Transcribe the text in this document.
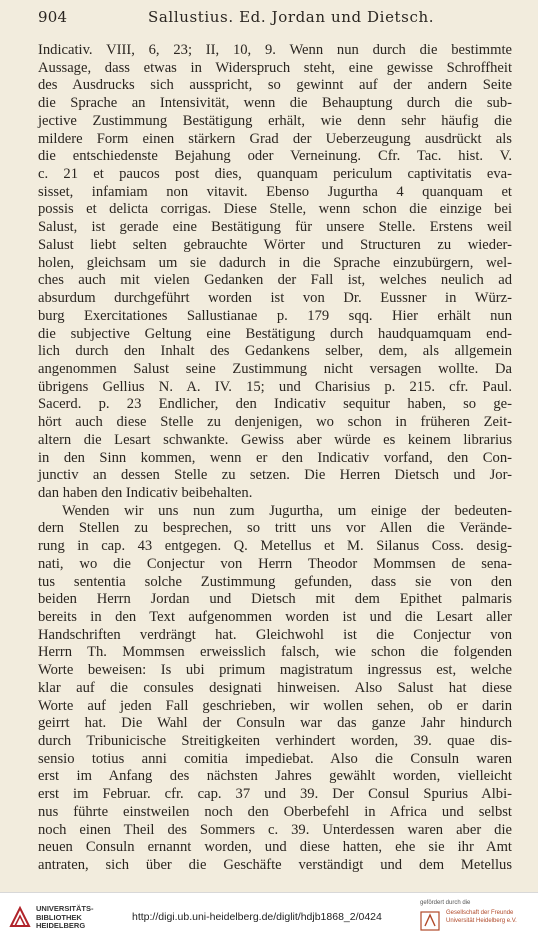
904	Sallustius. Ed. Jordan und Dietsch.
Indicativ. VIII, 6, 23; II, 10, 9. Wenn nun durch die bestimmte
Aussage, dass etwas in Widerspruch steht, eine gewisse Schroffheit
des Ausdrucks sich ausspricht, so gewinnt auf der andern Seite
die Sprache an Intensivität, wenn die Behauptung durch die sub-
jective Zustimmung Bestätigung erhält, wie denn sehr häufig die
mildere Form einen stärkern Grad der Ueberzeugung ausdrückt als
die entschiedenste Bejahung oder Verneinung. Cfr. Tac. hist. V.
c. 21 et paucos post dies, quanquam periculum captivitatis eva-
sisset, infamiam non vitavit. Ebenso Jugurtha 4 quanquam et
possis et delicta corrigas. Diese Stelle, wenn schon die einzige bei
Salust, ist gerade eine Bestätigung für unsere Stelle. Erstens weil
Salust liebt selten gebrauchte Wörter und Structuren zu wieder-
holen, gleichsam um sie dadurch in die Sprache einzubürgern, wel-
ches auch mit vielen Gedanken der Fall ist, welches neulich ad
absurdum durchgeführt worden ist von Dr. Eussner in Würz-
burg Exercitationes Sallustianae p. 179 sqq. Hier erhält nun
die subjective Geltung eine Bestätigung durch haudquamquam end-
lich durch den Inhalt des Gedankens selber, dem, als allgemein
angenommen Salust seine Zustimmung nicht versagen wollte. Da
übrigens Gellius N. A. IV. 15; und Charisius p. 215. cfr. Paul.
Sacerd. p. 23 Endlicher, den Indicativ sequitur haben, so ge-
hört auch diese Stelle zu denjenigen, wo schon in früheren Zeit-
altern die Lesart schwankte. Gewiss aber würde es keinem librarius
in den Sinn kommen, wenn er den Indicativ vorfand, den Con-
junctiv an dessen Stelle zu setzen. Die Herren Dietsch und Jor-
dan haben den Indicativ beibehalten.
Wenden wir uns nun zum Jugurtha, um einige der bedeuten-
dern Stellen zu besprechen, so tritt uns vor Allen die Verände-
rung in cap. 43 entgegen. Q. Metellus et M. Silanus Coss. desig-
nati, wo die Conjectur von Herrn Theodor Mommsen de sena-
tus sententia solche Zustimmung gefunden, dass sie von den
beiden Herrn Jordan und Dietsch mit dem Epithet palmaris
bereits in den Text aufgenommen worden ist und die Lesart aller
Handschriften verdrängt hat. Gleichwohl ist die Conjectur von
Herrn Th. Mommsen erweisslich falsch, wie schon die folgenden
Worte beweisen: Is ubi primum magistratum ingressus est, welche
klar auf die consules designati hinweisen. Also Salust hat diese
Worte auf jeden Fall geschrieben, wir wollen sehen, ob er darin
geirrt hat. Die Wahl der Consuln war das ganze Jahr hindurch
durch Tribunicische Streitigkeiten verhindert worden, 39. quae dis-
sensio totius anni comitia impediebat. Also die Consuln waren
erst im Anfang des nächsten Jahres gewählt worden, vielleicht
erst im Februar. cfr. cap. 37 und 39. Der Consul Spurius Albi-
nus führte einstweilen noch den Oberbefehl in Africa und selbst
noch einen Theil des Sommers c. 39. Unterdessen waren aber die
neuen Consuln ernannt worden, und diese hatten, ehe sie ihr Amt
antraten, sich über die Geschäfte verständigt und dem Metellus
UNIVERSITÄTS-
BIBLIOTHEK
HEIDELBERG
http://digi.ub.uni-heidelberg.de/diglit/hdjb1868_2/0424
gefördert durch die
Gesellschaft der Freunde
Universität Heidelberg e.V.
